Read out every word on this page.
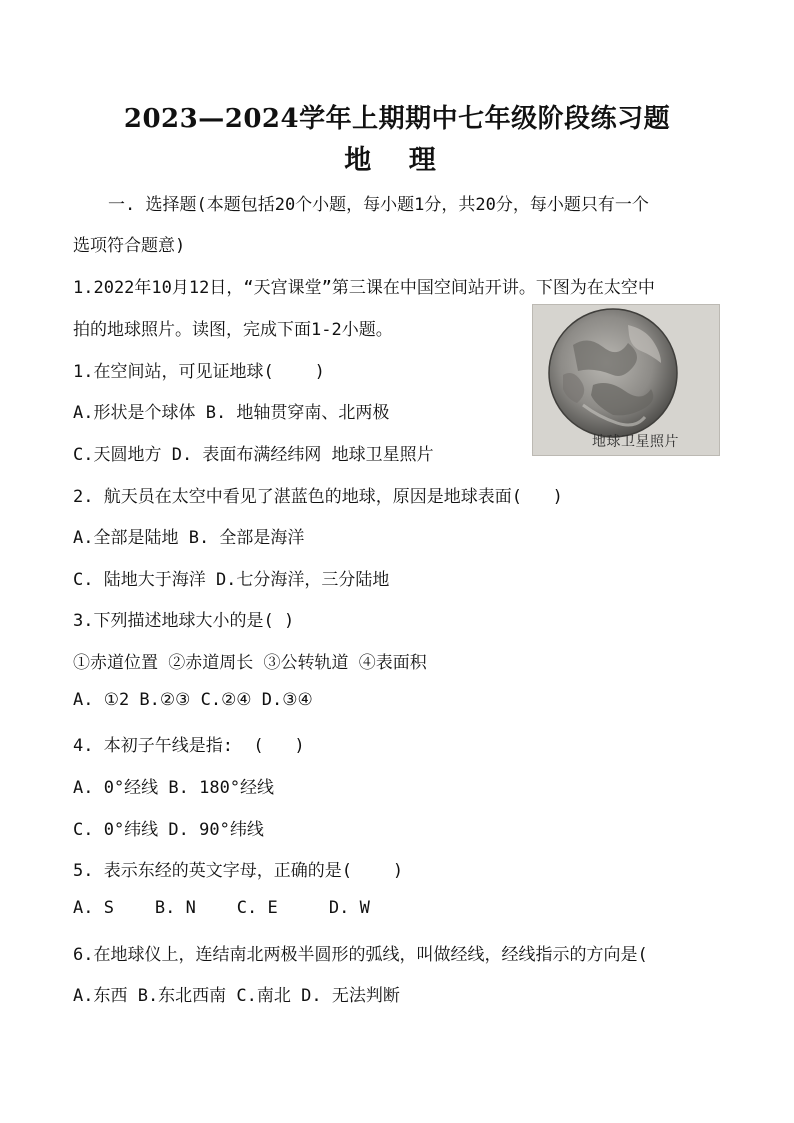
2023—2024学年上期期中七年级阶段练习题
地 理
一. 选择题(本题包括20个小题，每小题1分，共20分，每小题只有一个
选项符合题意)
1.2022年10月12日，“天宫课堂”第三课在中国空间站开讲。下图为在太空中
拍的地球照片。读图，完成下面1-2小题。
地球卫星照片
1.在空间站，可见证地球(    )
A.形状是个球体 B. 地轴贯穿南、北两极
C.天圆地方 D. 表面布满经纬网 地球卫星照片
2. 航天员在太空中看见了湛蓝色的地球，原因是地球表面(   )
A.全部是陆地 B. 全部是海洋
C. 陆地大于海洋 D.七分海洋，三分陆地
3.下列描述地球大小的是( )
①赤道位置 ②赤道周长 ③公转轨道 ④表面积
A. ①2 B.②③ C.②④ D.③④
4. 本初子午线是指:  (   )
A. 0°经线 B. 180°经线
C. 0°纬线 D. 90°纬线
5. 表示东经的英文字母，正确的是(    )
A. S    B. N    C. E     D. W
6.在地球仪上，连结南北两极半圆形的弧线，叫做经线，经线指示的方向是(
A.东西 B.东北西南 C.南北 D. 无法判断
